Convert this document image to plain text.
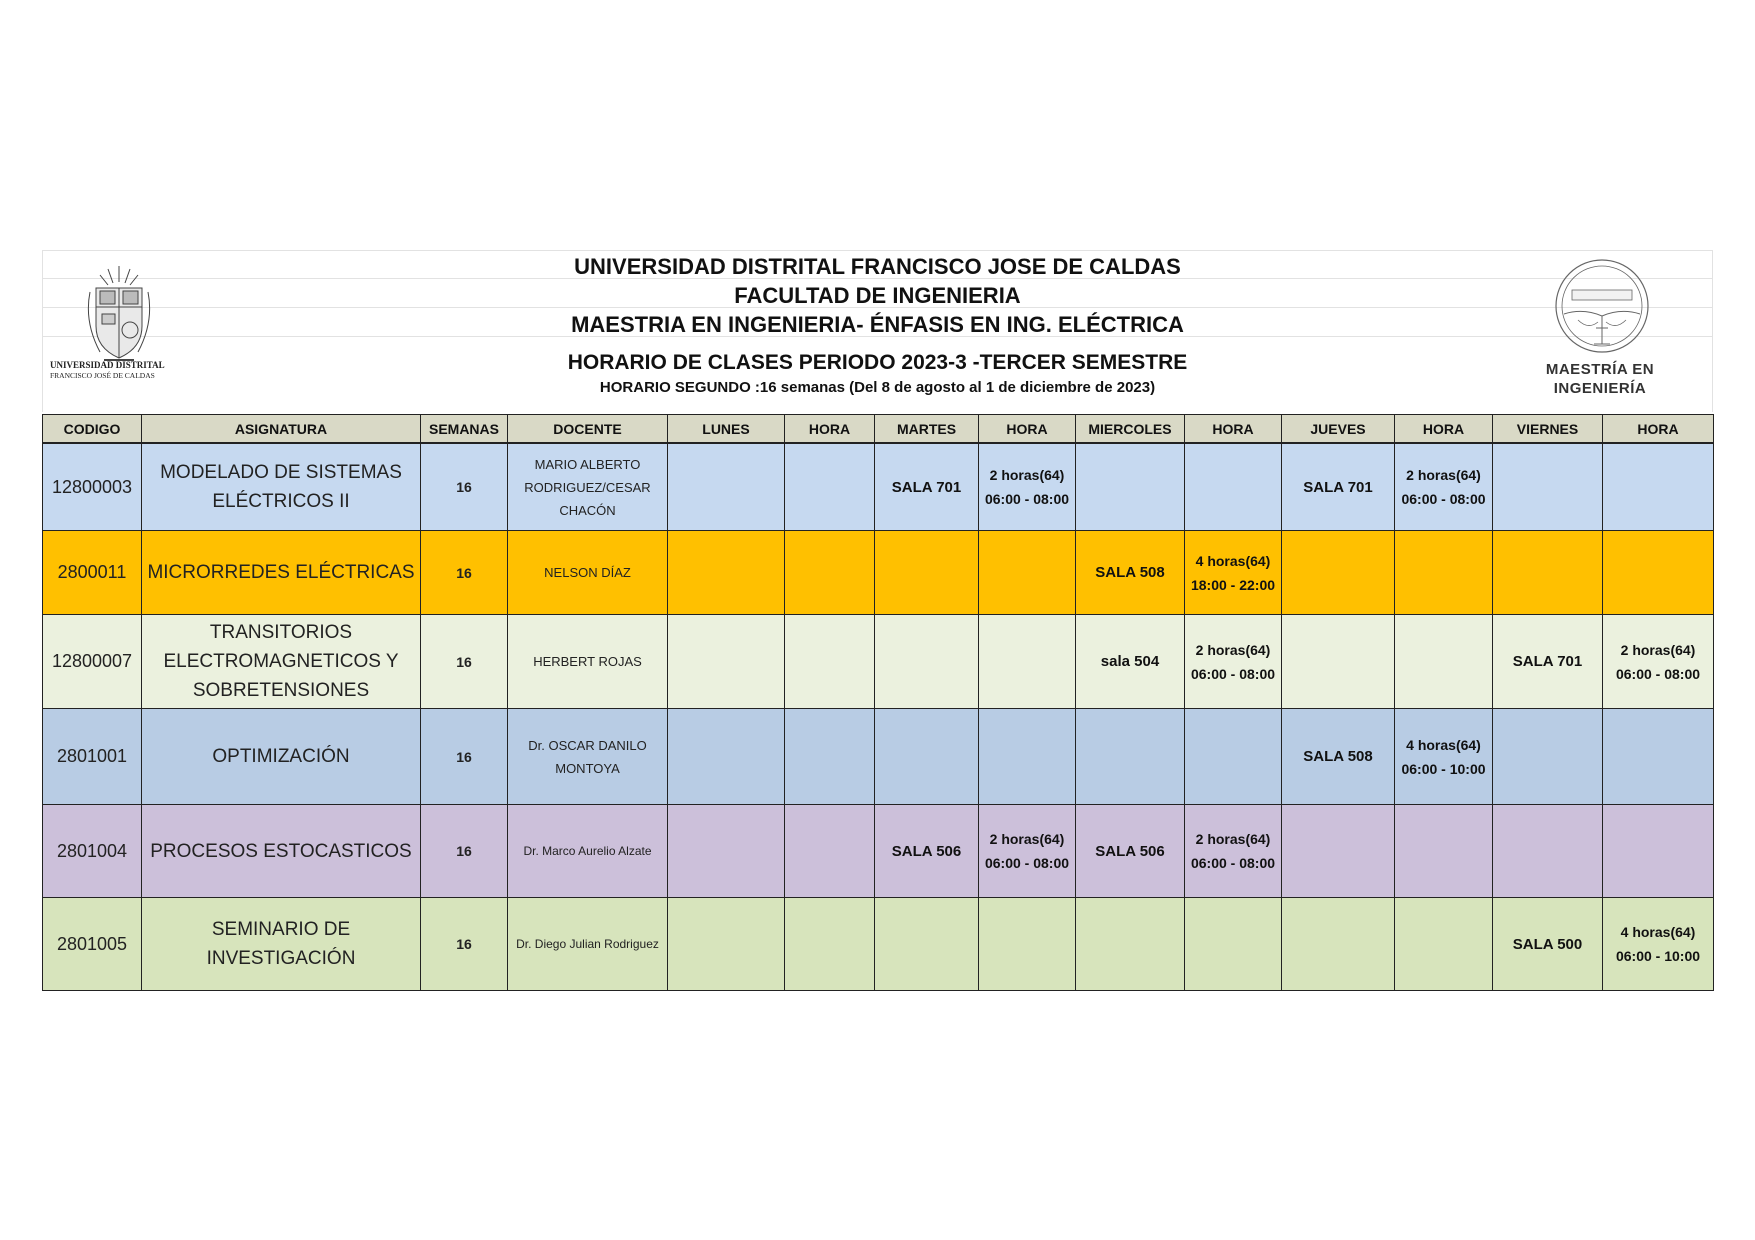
UNIVERSIDAD DISTRITAL
FRANCISCO JOSÉ DE CALDAS
UNIVERSIDAD DISTRITAL FRANCISCO JOSE DE CALDAS
FACULTAD DE INGENIERIA
MAESTRIA EN INGENIERIA- ÉNFASIS EN ING. ELÉCTRICA
HORARIO DE CLASES PERIODO 2023-3 -TERCER SEMESTRE
HORARIO SEGUNDO :16 semanas (Del 8 de agosto al 1 de diciembre de 2023)
MAESTRÍA EN
INGENIERÍA
CODIGO	ASIGNATURA	SEMANAS	DOCENTE	LUNES	HORA	MARTES	HORA	MIERCOLES	HORA	JUEVES	HORA	VIERNES	HORA
12800003	MODELADO DE SISTEMAS
ELÉCTRICOS II	16	MARIO ALBERTO
RODRIGUEZ/CESAR
CHACÓN			SALA 701	2 horas(64)
06:00 - 08:00			SALA 701	2 horas(64)
06:00 - 08:00		

2800011	MICRORREDES ELÉCTRICAS	16	NELSON DÍAZ					SALA 508	4 horas(64)
18:00 - 22:00		

12800007	TRANSITORIOS
ELECTROMAGNETICOS Y
SOBRETENSIONES	16	HERBERT ROJAS					sala 504	2 horas(64)
06:00 - 08:00			SALA 701	2 horas(64)
06:00 - 08:00
2801001	OPTIMIZACIÓN	16	Dr. OSCAR DANILO
MONTOYA							SALA 508	4 horas(64)
06:00 - 10:00		

2801004	PROCESOS ESTOCASTICOS	16	Dr. Marco Aurelio Alzate			SALA 506	2 horas(64)
06:00 - 08:00	SALA 506	2 horas(64)
06:00 - 08:00		

2801005	SEMINARIO DE INVESTIGACIÓN	16	Dr. Diego Julian Rodriguez									SALA 500	4 horas(64)
06:00 - 10:00
